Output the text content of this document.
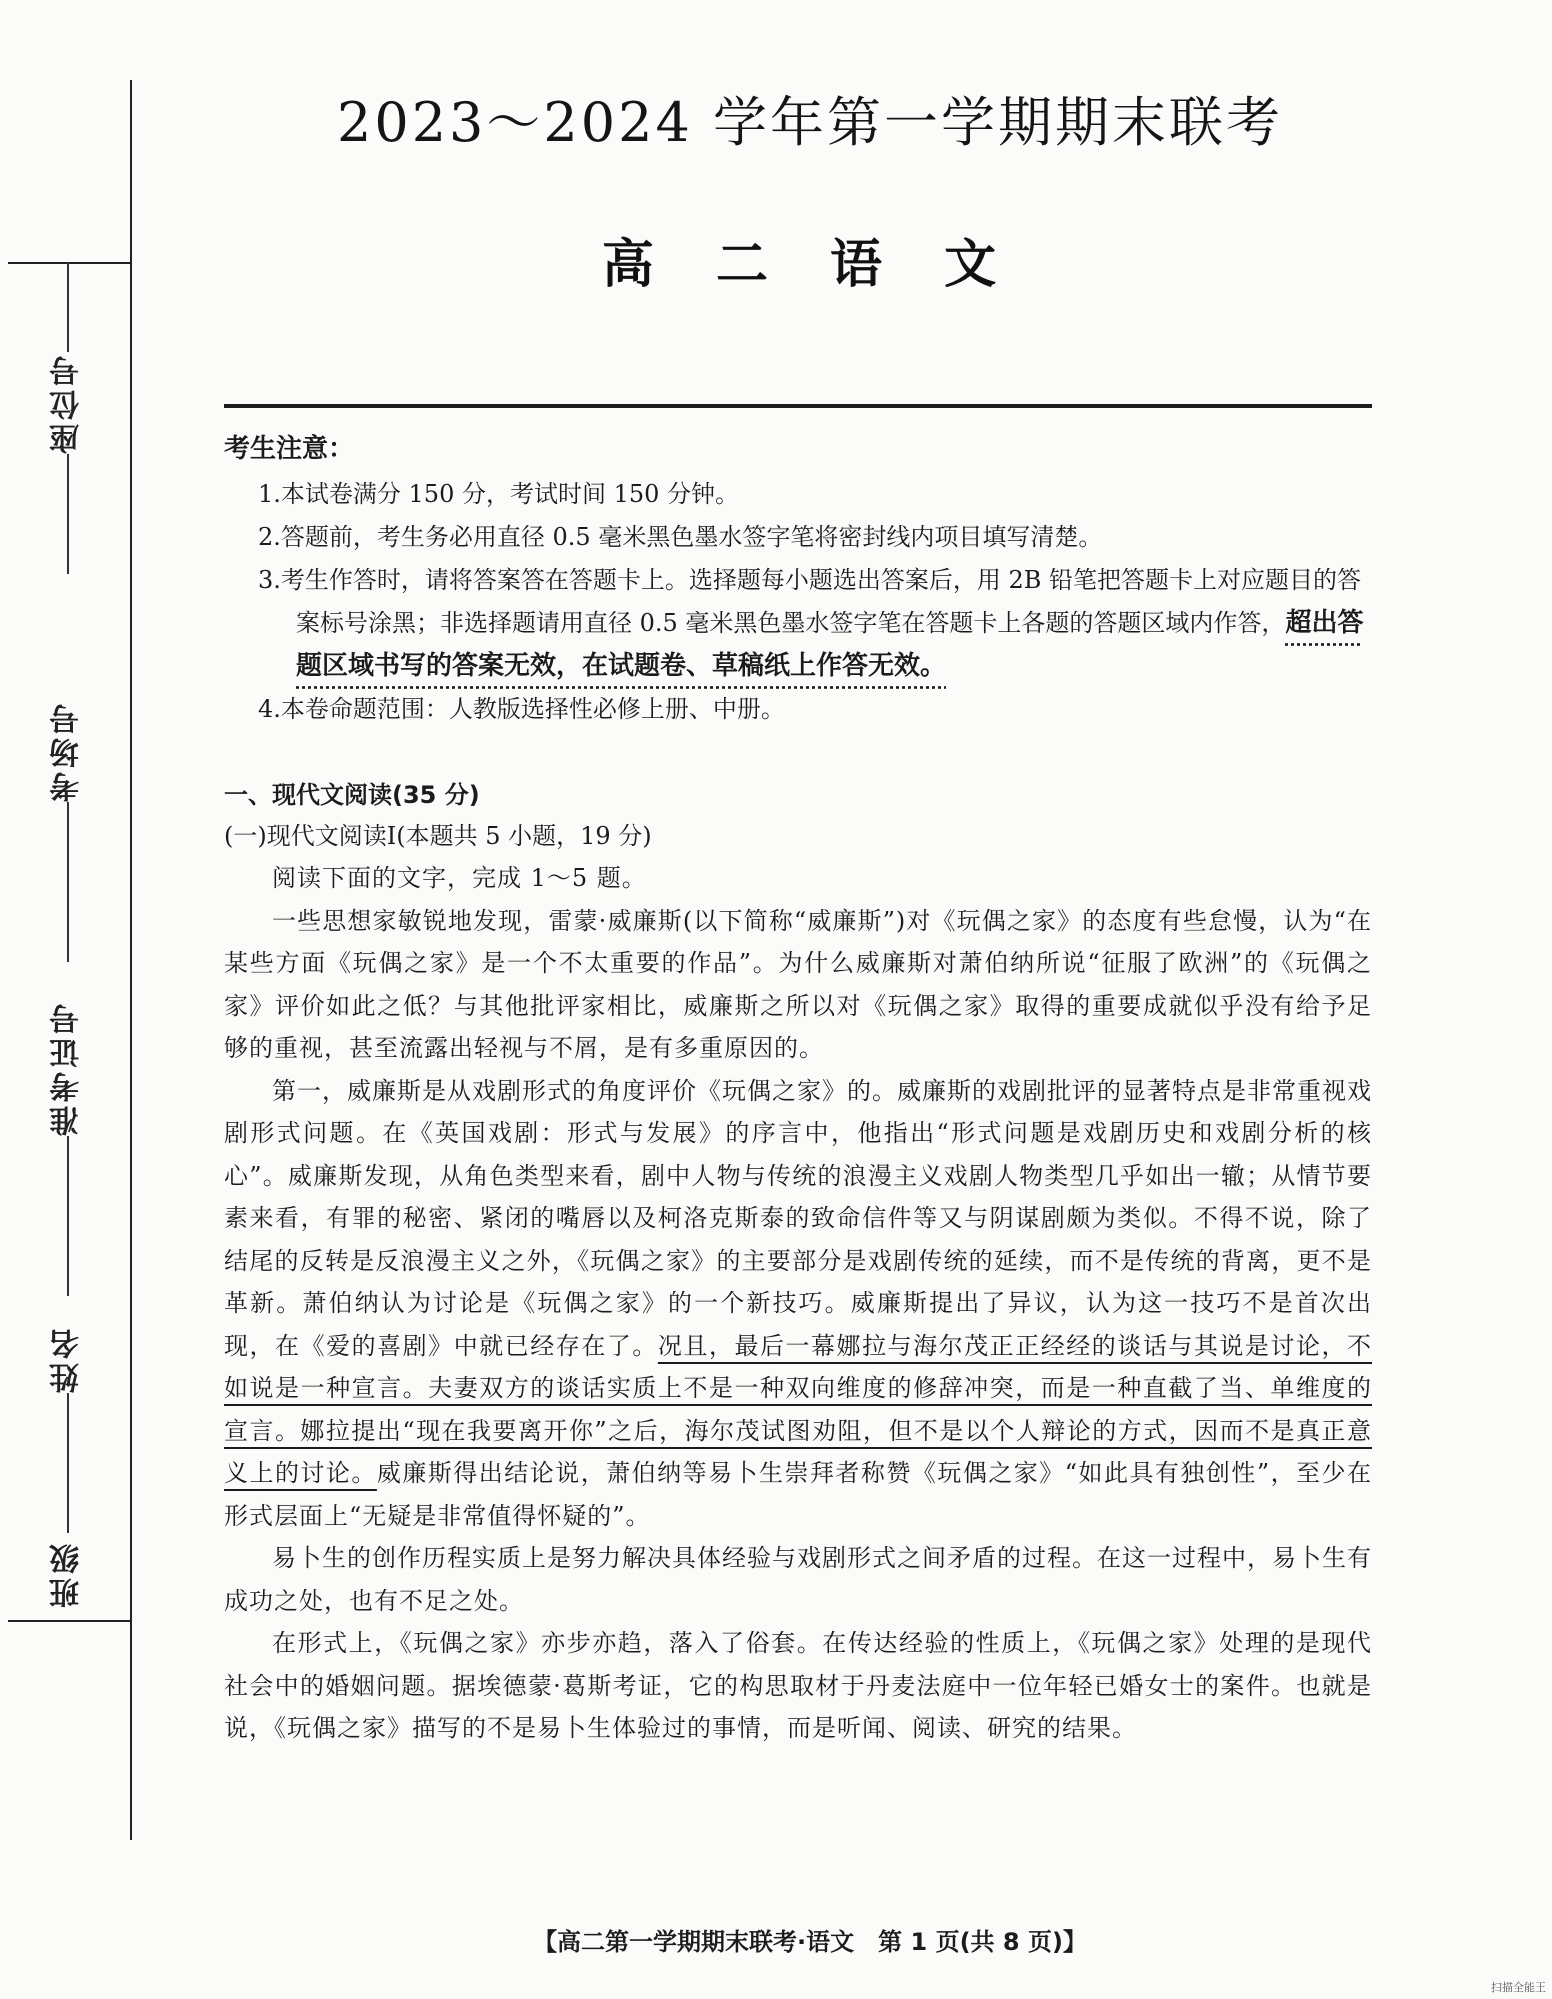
座位号
考场号
准考证号
姓名
班级
2023～2024 学年第一学期期末联考
高 二 语 文
考生注意：

1.本试卷满分 150 分，考试时间 150 分钟。

2.答题前，考生务必用直径 0.5 毫米黑色墨水签字笔将密封线内项目填写清楚。

3.考生作答时，请将答案答在答题卡上。选择题每小题选出答案后，用 2B 铅笔把答题卡上对应题目的答案标号涂黑；非选择题请用直径 0.5 毫米黑色墨水签字笔在答题卡上各题的答题区域内作答，超出答题区域书写的答案无效，在试题卷、草稿纸上作答无效。

4.本卷命题范围：人教版选择性必修上册、中册。

一、现代文阅读(35 分)

(一)现代文阅读Ⅰ(本题共 5 小题，19 分)

阅读下面的文字，完成 1～5 题。

一些思想家敏锐地发现，雷蒙·威廉斯(以下简称“威廉斯”)对《玩偶之家》的态度有些怠慢，认为“在某些方面《玩偶之家》是一个不太重要的作品”。为什么威廉斯对萧伯纳所说“征服了欧洲”的《玩偶之家》评价如此之低？与其他批评家相比，威廉斯之所以对《玩偶之家》取得的重要成就似乎没有给予足够的重视，甚至流露出轻视与不屑，是有多重原因的。

第一，威廉斯是从戏剧形式的角度评价《玩偶之家》的。威廉斯的戏剧批评的显著特点是非常重视戏剧形式问题。在《英国戏剧：形式与发展》的序言中，他指出“形式问题是戏剧历史和戏剧分析的核心”。威廉斯发现，从角色类型来看，剧中人物与传统的浪漫主义戏剧人物类型几乎如出一辙；从情节要素来看，有罪的秘密、紧闭的嘴唇以及柯洛克斯泰的致命信件等又与阴谋剧颇为类似。不得不说，除了结尾的反转是反浪漫主义之外，《玩偶之家》的主要部分是戏剧传统的延续，而不是传统的背离，更不是革新。萧伯纳认为讨论是《玩偶之家》的一个新技巧。威廉斯提出了异议，认为这一技巧不是首次出现，在《爱的喜剧》中就已经存在了。况且，最后一幕娜拉与海尔茂正正经经的谈话与其说是讨论，不如说是一种宣言。夫妻双方的谈话实质上不是一种双向维度的修辞冲突，而是一种直截了当、单维度的宣言。娜拉提出“现在我要离开你”之后，海尔茂试图劝阻，但不是以个人辩论的方式，因而不是真正意义上的讨论。威廉斯得出结论说，萧伯纳等易卜生崇拜者称赞《玩偶之家》“如此具有独创性”，至少在形式层面上“无疑是非常值得怀疑的”。

易卜生的创作历程实质上是努力解决具体经验与戏剧形式之间矛盾的过程。在这一过程中，易卜生有成功之处，也有不足之处。

在形式上，《玩偶之家》亦步亦趋，落入了俗套。在传达经验的性质上，《玩偶之家》处理的是现代社会中的婚姻问题。据埃德蒙·葛斯考证，它的构思取材于丹麦法庭中一位年轻已婚女士的案件。也就是说，《玩偶之家》描写的不是易卜生体验过的事情，而是听闻、阅读、研究的结果。

【高二第一学期期末联考·语文　第 1 页(共 8 页)】
扫描全能王
